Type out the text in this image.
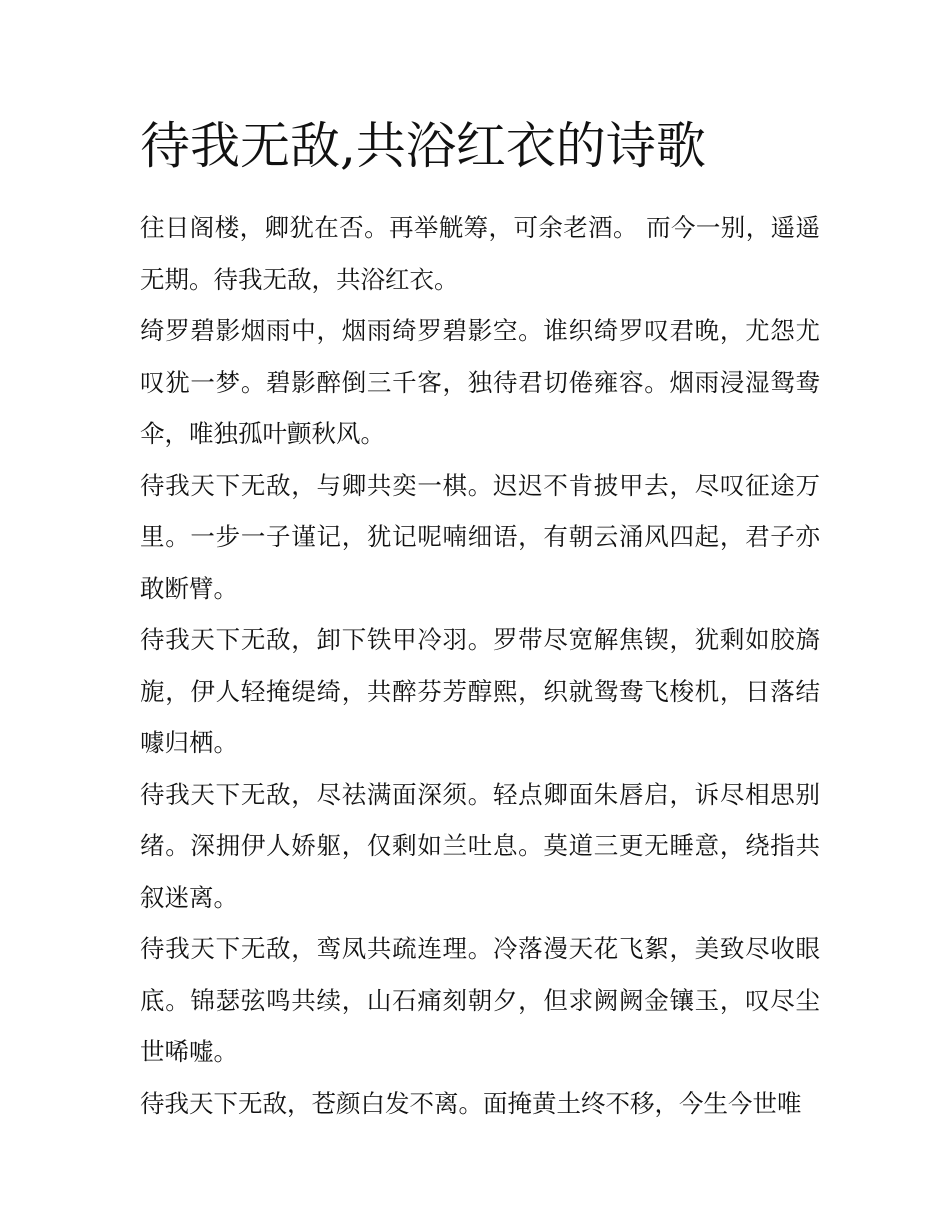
待我无敌,共浴红衣的诗歌

往日阁楼，卿犹在否。再举觥筹，可余老酒。 而今一别，遥遥无期。待我无敌，共浴红衣。

绮罗碧影烟雨中，烟雨绮罗碧影空。谁织绮罗叹君晚，尤怨尤叹犹一梦。碧影醉倒三千客，独待君切倦雍容。烟雨浸湿鸳鸯伞，唯独孤叶颤秋风。

待我天下无敌，与卿共奕一棋。迟迟不肯披甲去，尽叹征途万里。一步一子谨记，犹记呢喃细语，有朝云涌风四起，君子亦敢断臂。

待我天下无敌，卸下铁甲冷羽。罗带尽宽解焦锲，犹剩如胶旖旎，伊人轻掩缇绮，共醉芬芳醇熙，织就鸳鸯飞梭机，日落结噱归栖。

待我天下无敌，尽祛满面深须。轻点卿面朱唇启，诉尽相思别绪。深拥伊人娇躯，仅剩如兰吐息。莫道三更无睡意，绕指共叙迷离。

待我天下无敌，鸾凤共疏连理。冷落漫天花飞絮，美致尽收眼底。锦瑟弦鸣共续，山石痛刻朝夕，但求阙阙金镶玉，叹尽尘世唏嘘。

待我天下无敌，苍颜白发不离。面掩黄土终不移，今生今世唯
